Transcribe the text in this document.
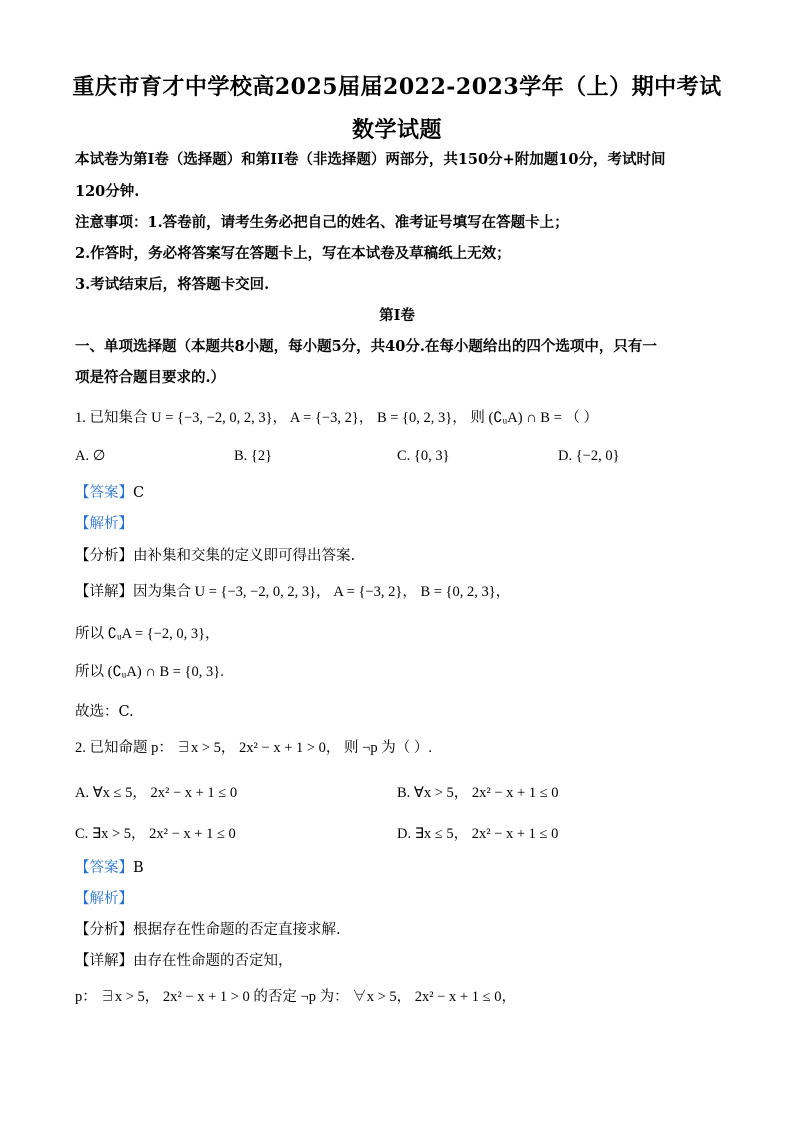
重庆市育才中学校高2025届届2022-2023学年（上）期中考试
数学试题
本试卷为第I卷（选择题）和第II卷（非选择题）两部分，共150分+附加题10分，考试时间
120分钟.
注意事项：1.答卷前，请考生务必把自己的姓名、准考证号填写在答题卡上；
2.作答时，务必将答案写在答题卡上，写在本试卷及草稿纸上无效；
3.考试结束后，将答题卡交回.
第I卷
一、单项选择题（本题共8小题，每小题5分，共40分.在每小题给出的四个选项中，只有一
项是符合题目要求的.）
1. 已知集合 U = {−3, −2, 0, 2, 3}， A = {−3, 2}， B = {0, 2, 3}， 则 (∁ᵤA) ∩ B = （ ）
A. ∅	B. {2}	C. {0, 3}	D. {−2, 0}
【答案】C
【解析】
【分析】由补集和交集的定义即可得出答案.
【详解】因为集合 U = {−3, −2, 0, 2, 3}， A = {−3, 2}， B = {0, 2, 3}，
所以 ∁ᵤA = {−2, 0, 3}，
所以 (∁ᵤA) ∩ B = {0, 3}.
故选：C.
2. 已知命题 p： ∃x > 5， 2x² − x + 1 > 0， 则 ¬p 为（ ）.
A. ∀x ≤ 5， 2x² − x + 1 ≤ 0	B. ∀x > 5， 2x² − x + 1 ≤ 0
C. ∃x > 5， 2x² − x + 1 ≤ 0	D. ∃x ≤ 5， 2x² − x + 1 ≤ 0
【答案】B
【解析】
【分析】根据存在性命题的否定直接求解.
【详解】由存在性命题的否定知，
p： ∃x > 5， 2x² − x + 1 > 0 的否定 ¬p 为： ∀x > 5， 2x² − x + 1 ≤ 0，
